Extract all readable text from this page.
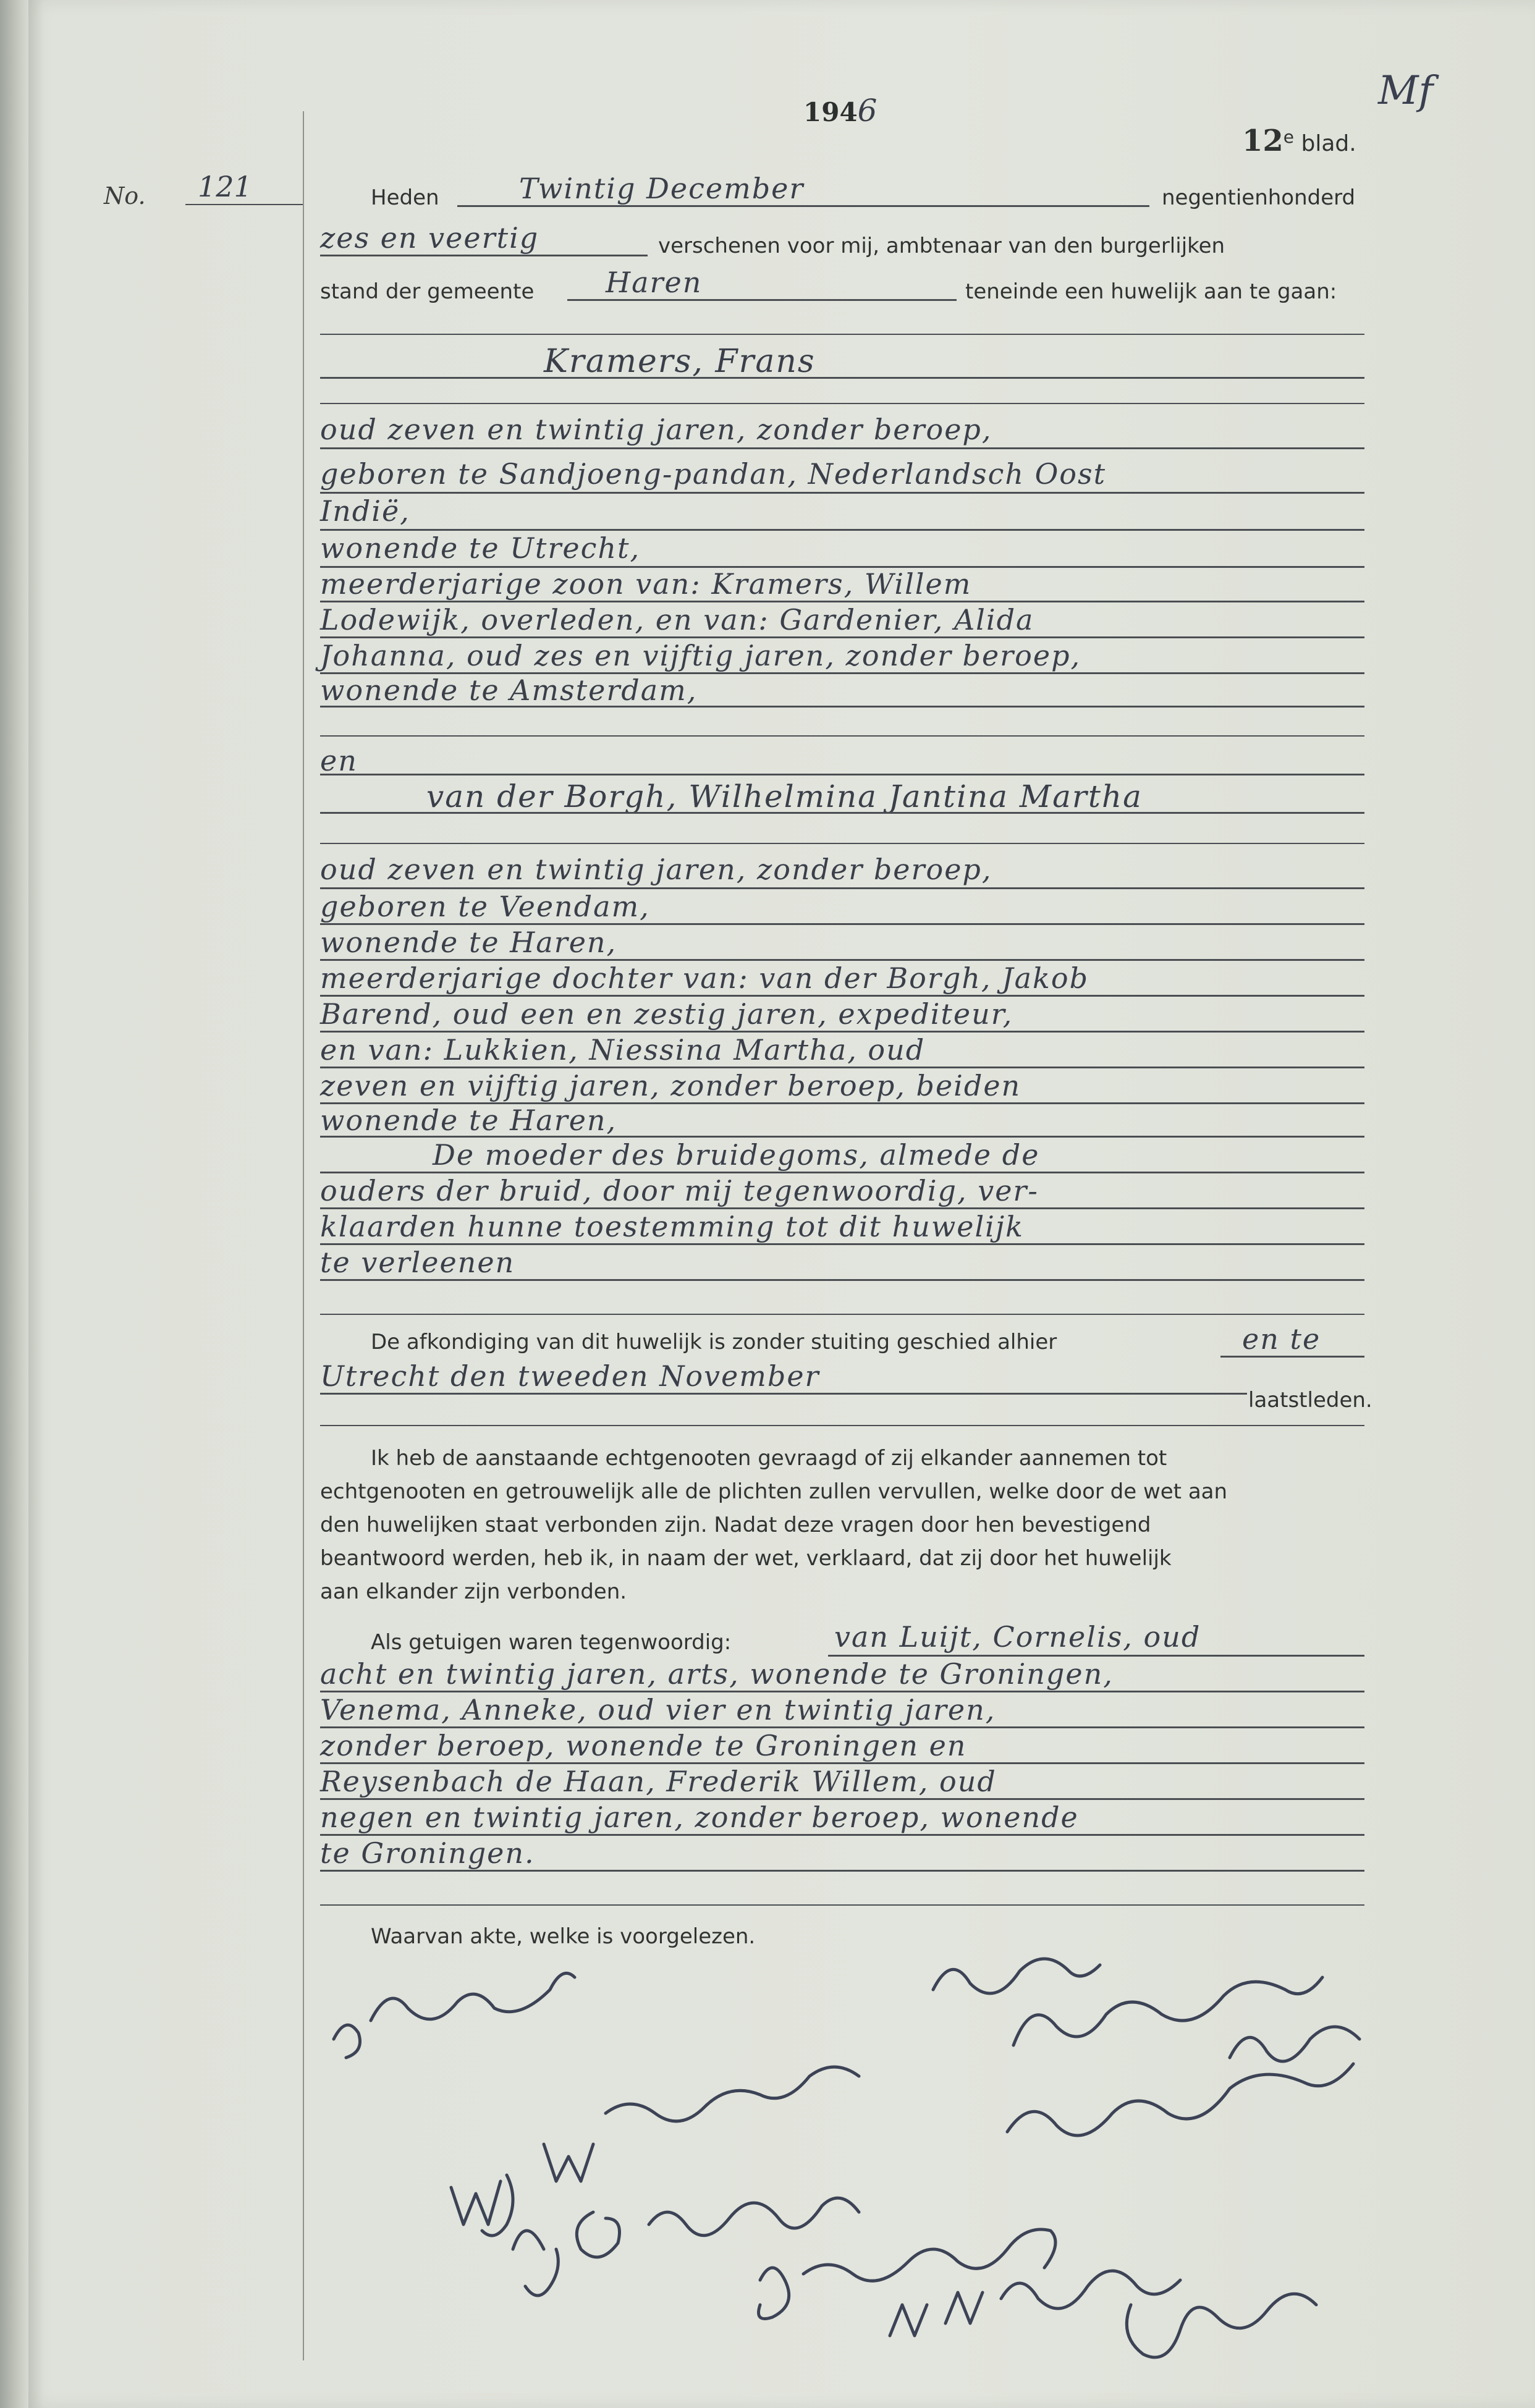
Mf
1946
12e blad.
No. 121	Heden	Twintig December	negentienhonderd
zes en veertig	verschenen voor mij, ambtenaar van den burgerlijken
stand der gemeente	Haren	teneinde een huwelijk aan te gaan:
Kramers, Frans
oud zeven en twintig jaren, zonder beroep,
geboren te Sandjoeng-pandan, Nederlandsch Oost
Indië,
wonende te Utrecht,
meerderjarige zoon van: Kramers, Willem
Lodewijk, overleden, en van: Gardenier, Alida
Johanna, oud zes en vijftig jaren, zonder beroep,
wonende te Amsterdam,
en
van der Borgh, Wilhelmina Jantina Martha
oud zeven en twintig jaren, zonder beroep,
geboren te Veendam,
wonende te Haren,
meerderjarige dochter van: van der Borgh, Jakob
Barend, oud een en zestig jaren, expediteur,
en van: Lukkien, Niessina Martha, oud
zeven en vijftig jaren, zonder beroep, beiden
wonende te Haren,
De moeder des bruidegoms, almede de
ouders der bruid, door mij tegenwoordig, ver-
klaarden hunne toestemming tot dit huwelijk
te verleenen
De afkondiging van dit huwelijk is zonder stuiting geschied alhier	en te
Utrecht den tweeden November
laatstleden.
Ik heb de aanstaande echtgenooten gevraagd of zij elkander aannemen tot
echtgenooten en getrouwelijk alle de plichten zullen vervullen, welke door de wet aan
den huwelijken staat verbonden zijn. Nadat deze vragen door hen bevestigend
beantwoord werden, heb ik, in naam der wet, verklaard, dat zij door het huwelijk
aan elkander zijn verbonden.
Als getuigen waren tegenwoordig:	van Luijt, Cornelis, oud
acht en twintig jaren, arts, wonende te Groningen,
Venema, Anneke, oud vier en twintig jaren,
zonder beroep, wonende te Groningen en
Reysenbach de Haan, Frederik Willem, oud
negen en twintig jaren, zonder beroep, wonende
te Groningen.
Waarvan akte, welke is voorgelezen.
